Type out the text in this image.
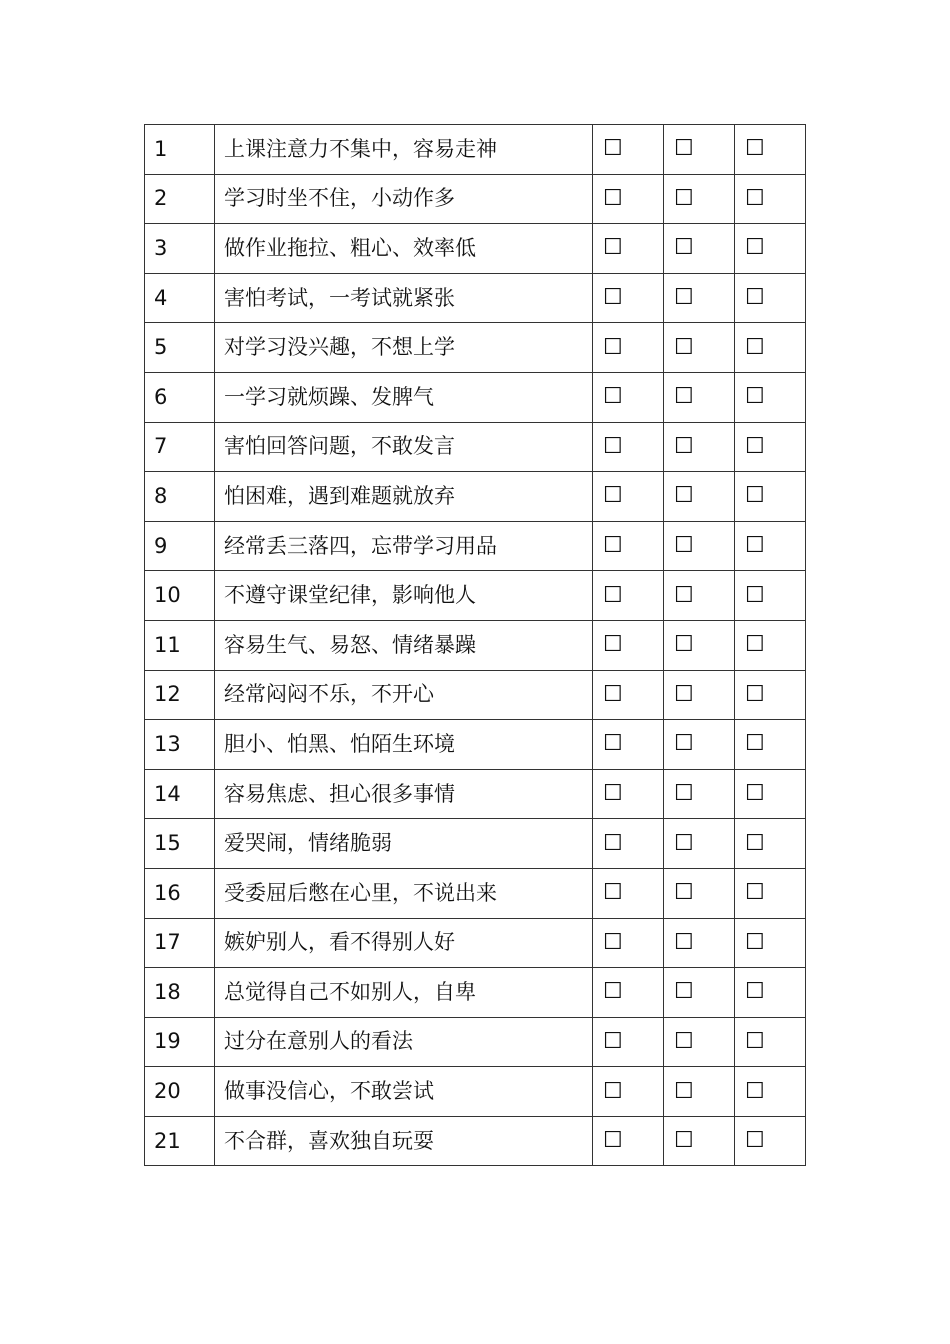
1	上课注意力不集中，容易走神	☐	☐	☐
2	学习时坐不住，小动作多	☐	☐	☐
3	做作业拖拉、粗心、效率低	☐	☐	☐
4	害怕考试，一考试就紧张	☐	☐	☐
5	对学习没兴趣，不想上学	☐	☐	☐
6	一学习就烦躁、发脾气	☐	☐	☐
7	害怕回答问题，不敢发言	☐	☐	☐
8	怕困难，遇到难题就放弃	☐	☐	☐
9	经常丢三落四，忘带学习用品	☐	☐	☐
10	不遵守课堂纪律，影响他人	☐	☐	☐
11	容易生气、易怒、情绪暴躁	☐	☐	☐
12	经常闷闷不乐，不开心	☐	☐	☐
13	胆小、怕黑、怕陌生环境	☐	☐	☐
14	容易焦虑、担心很多事情	☐	☐	☐
15	爱哭闹，情绪脆弱	☐	☐	☐
16	受委屈后憋在心里，不说出来	☐	☐	☐
17	嫉妒别人，看不得别人好	☐	☐	☐
18	总觉得自己不如别人，自卑	☐	☐	☐
19	过分在意别人的看法	☐	☐	☐
20	做事没信心，不敢尝试	☐	☐	☐
21	不合群，喜欢独自玩耍	☐	☐	☐
